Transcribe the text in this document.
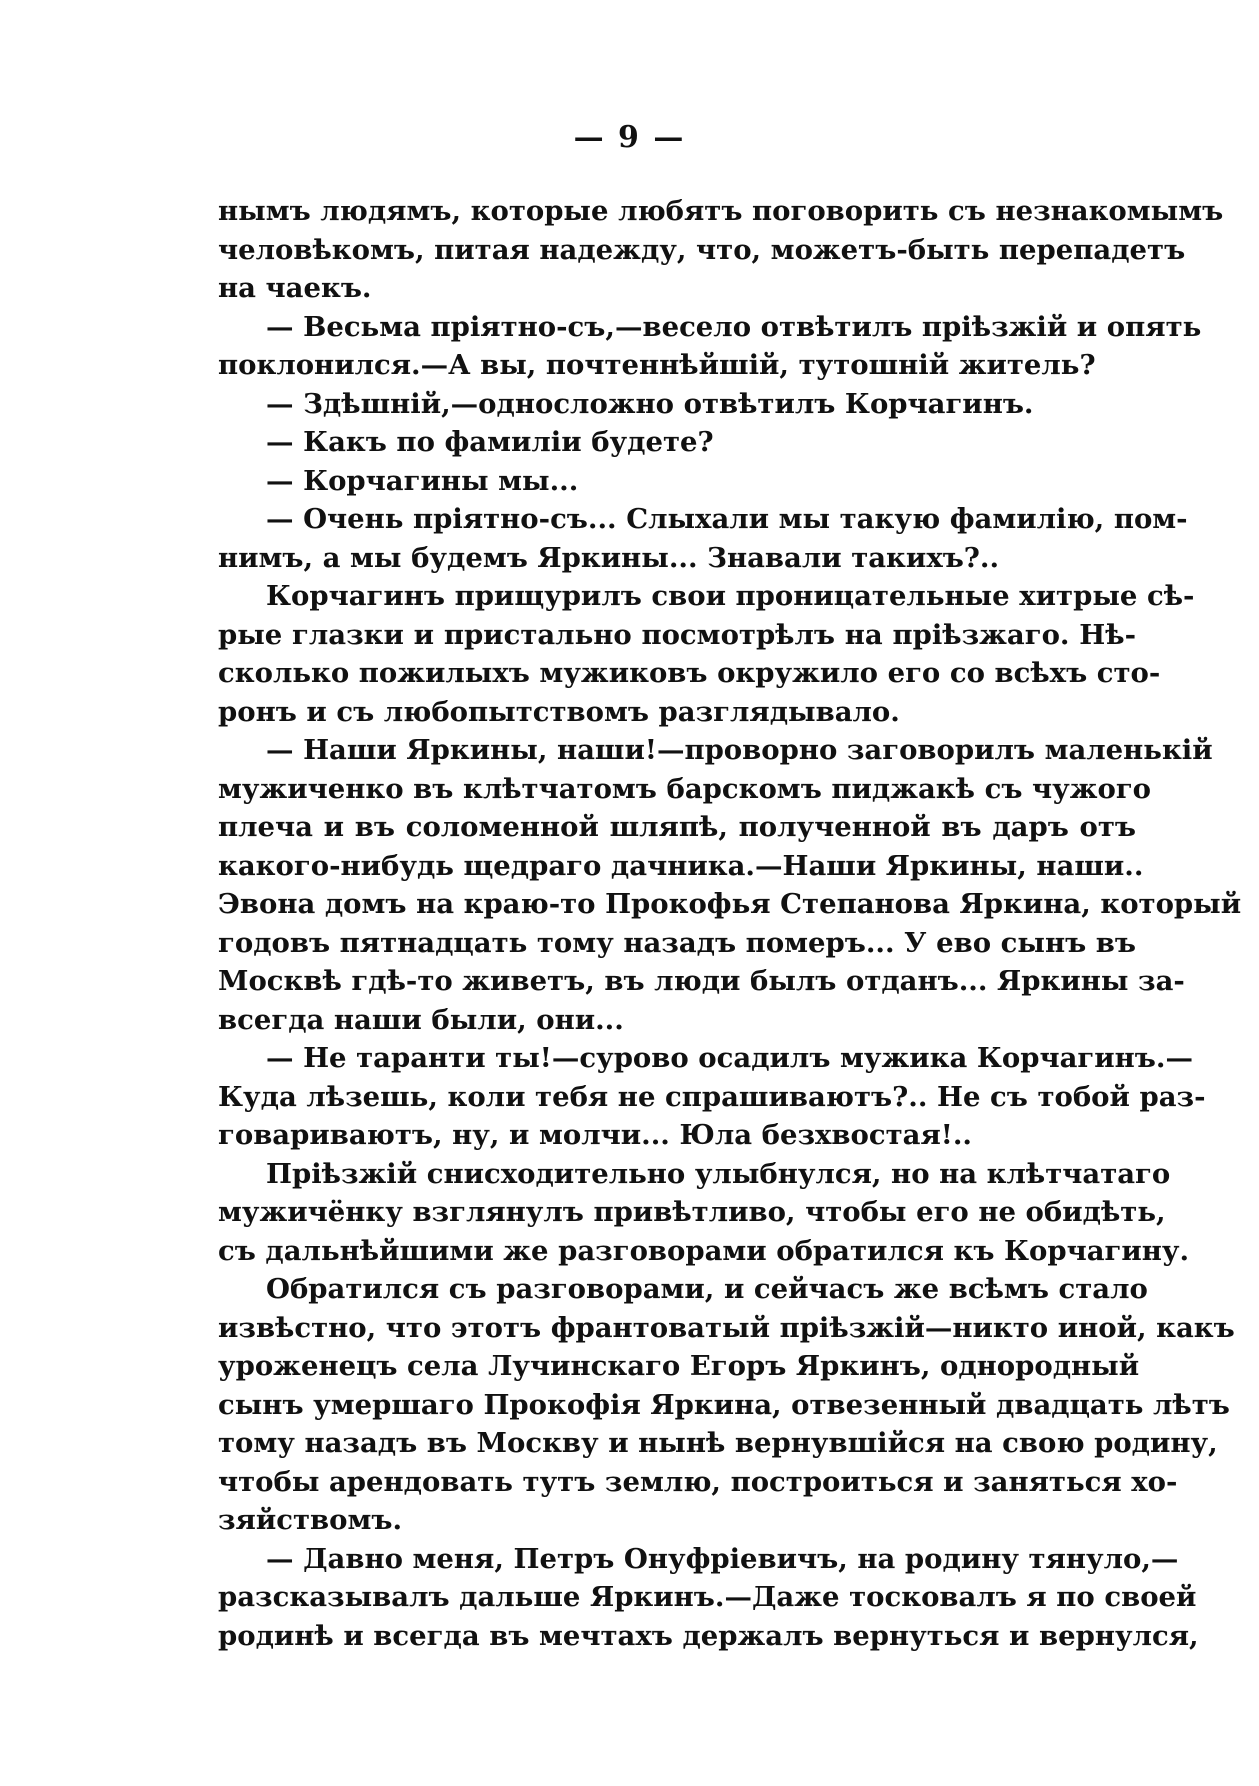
— 9 —
нымъ людямъ, которые любятъ поговорить съ незнакомымъ
человѣкомъ, питая надежду, что, можетъ-быть перепадетъ
на чаекъ.
— Весьма пріятно-съ,—весело отвѣтилъ пріѣзжій и опять
поклонился.—А вы, почтеннѣйшій, тутошній житель?
— Здѣшній,—односложно отвѣтилъ Корчагинъ.
— Какъ по фамиліи будете?
— Корчагины мы...
— Очень пріятно-съ... Слыхали мы такую фамилію, пом-
нимъ, а мы будемъ Яркины... Знавали такихъ?..
Корчагинъ прищурилъ свои проницательные хитрые сѣ-
рые глазки и пристально посмотрѣлъ на пріѣзжаго. Нѣ-
сколько пожилыхъ мужиковъ окружило его со всѣхъ сто-
ронъ и съ любопытствомъ разглядывало.
— Наши Яркины, наши!—проворно заговорилъ маленькій
мужиченко въ клѣтчатомъ барскомъ пиджакѣ съ чужого
плеча и въ соломенной шляпѣ, полученной въ даръ отъ
какого-нибудь щедраго дачника.—Наши Яркины, наши..
Эвона домъ на краю-то Прокофья Степанова Яркина, который
годовъ пятнадцать тому назадъ померъ... У ево сынъ въ
Москвѣ гдѣ-то живетъ, въ люди былъ отданъ... Яркины за-
всегда наши были, они...
— Не таранти ты!—сурово осадилъ мужика Корчагинъ.—
Куда лѣзешь, коли тебя не спрашиваютъ?.. Не съ тобой раз-
говариваютъ, ну, и молчи... Юла безхвостая!..
Пріѣзжій снисходительно улыбнулся, но на клѣтчатаго
мужичёнку взглянулъ привѣтливо, чтобы его не обидѣть,
съ дальнѣйшими же разговорами обратился къ Корчагину.
Обратился съ разговорами, и сейчасъ же всѣмъ стало
извѣстно, что этотъ франтоватый пріѣзжій—никто иной, какъ
уроженецъ села Лучинскаго Егоръ Яркинъ, однородный
сынъ умершаго Прокофія Яркина, отвезенный двадцать лѣтъ
тому назадъ въ Москву и нынѣ вернувшійся на свою родину,
чтобы арендовать тутъ землю, построиться и заняться хо-
зяйствомъ.
— Давно меня, Петръ Онуфріевичъ, на родину тянуло,—
разсказывалъ дальше Яркинъ.—Даже тосковалъ я по своей
родинѣ и всегда въ мечтахъ держалъ вернуться и вернулся,
